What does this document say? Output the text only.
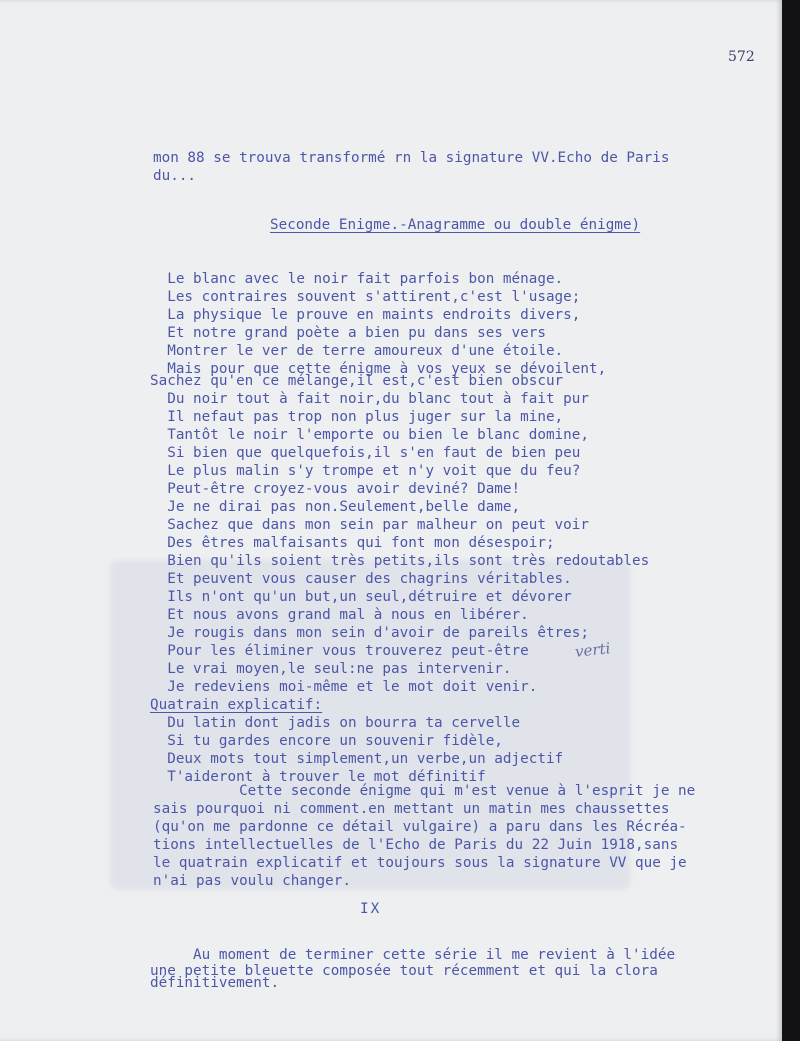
572
mon 88 se trouva transformé rn la signature VV.Echo de Paris
du...
Seconde Enigme.-Anagramme ou double énigme)
Le blanc avec le noir fait parfois bon ménage.
Les contraires souvent s'attirent,c'est l'usage;
La physique le prouve en maints endroits divers,
Et notre grand poète a bien pu dans ses vers
Montrer le ver de terre amoureux d'une étoile.
Mais pour que cette énigme à vos yeux se dévoilent,
Sachez qu'en ce mélange,il est,c'est bien obscur
Du noir tout à fait noir,du blanc tout à fait pur
Il nefaut pas trop non plus juger sur la mine,
Tantôt le noir l'emporte ou bien le blanc domine,
Si bien que quelquefois,il s'en faut de bien peu
Le plus malin s'y trompe et n'y voit que du feu?
Peut-être croyez-vous avoir deviné? Dame!
Je ne dirai pas non.Seulement,belle dame,
Sachez que dans mon sein par malheur on peut voir
Des êtres malfaisants qui font mon désespoir;
Bien qu'ils soient très petits,ils sont très redoutables
Et peuvent vous causer des chagrins véritables.
Ils n'ont qu'un but,un seul,détruire et dévorer
Et nous avons grand mal à nous en libérer.
Je rougis dans mon sein d'avoir de pareils êtres;
Pour les éliminer vous trouverez peut-être
Le vrai moyen,le seul:ne pas intervenir.
Je redeviens moi-même et le mot doit venir.
Quatrain explicatif:
Du latin dont jadis on bourra ta cervelle
Si tu gardes encore un souvenir fidèle,
Deux mots tout simplement,un verbe,un adjectif
T'aideront à trouver le mot définitif
verti
Cette seconde énigme qui m'est venue à l'esprit je ne
sais pourquoi ni comment.en mettant un matin mes chaussettes
(qu'on me pardonne ce détail vulgaire) a paru dans les Récréa-
tions intellectuelles de l'Echo de Paris du 22 Juin 1918,sans
le quatrain explicatif et toujours sous la signature VV que je
n'ai pas voulu changer.
IX
Au moment de terminer cette série il me revient à l'idée
une petite bleuette composée tout récemment et qui la clora
définitivement.
